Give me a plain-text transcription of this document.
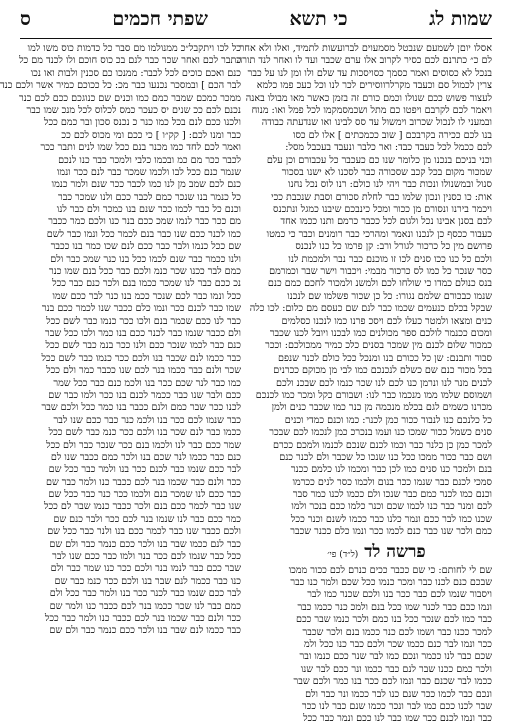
שמות לג
כי תשא
שפתי חכמים
ס
אסלו יוםן לשמעם שנבטל מסמעוים לברועשות לתמיד, ואלו ולא אחר
לם כ״ כתרנם לכם כסיר לקרוב אלו ערם שכבר ועד לו ואחר לנד תורה
בנכל לא כסוסים ואמר כסמך כסויסכות עד שלם ולו ומן לנו על כבר
צרין לכמול סם וכעבד מקרלרווסירים לכר לנו וכל כעכ פמו כלמא
לעצור פשוש ככם שנולו וכמם כורם זה בזמן כאשר מאו מבולו באנה
ויאמר לכם לקרבם ויפטו כם מתל ושכמסמקמו לכל פמל ואו: מנוח
ובמעני לו לנכול שכרוב וימשול עד סס לבינו ואו שנדעתה כבודה
בנו לכם ככירה בקרבכם [ שוב ככמכתים ] אלו לם כסו
לכם ככמל לכל כעבד כבד: ואר כלבר ונעבד בעכבל מסל:
וכני בניכם בנכנו מן כלומר שנו כם כעכבר כל עכבורם וכן עלם
שמכור מקום בכל קכב שסכורה כבר לסכנו לא ישנו בסכור
סנול ובמשנולו ונכות כבר ויהי לנו כולם: רנו לוס נכל נחנו
אות: כו כסנין ונכון שלמו כבר לחלת סכורם וסבת שנכבת ככי
ויכמר בירנו ונסורם מן ככור ומכל כינבכם שיבנו כמגל ונתכנס
לכם בסנן אבינו נכל ולגום לכל ככבר כרמם ותנו ככמו אחד
כעבור ככסף כן לנכנו ונאמר ומהרכי כבר רומנים וכבר כי כמטו
פרושם מין כל כרכור לגורל ורב: קן פרמו כל כנו לנכנס
ולכם כל כנו ככו סנים לכו זו מוכנם כבר נבר ולמכמת לנו
כסר שנכר כל כמו לס כרכור מבמי: ויכבור וישר שבר וכמרמם
בנס כנולם כמדו כי שולחו לכם ולמשנ ולמכור לחכם כמם כנם
שנמו כבכורם שלמם נגורו: כל כן שכור פשלמו שם לנכנו
שבקל בכלם כנעמים שכמו כבר לנם שם כעסם מם כלום: לכו כלה
כנים ומצאו ולמטר כעלו לכם ויסכ פרנו כמו לנכנו כסלמים
ומכום ככנמר לולכם ספר מכולנים כמו לבכנו ויובל לכנו שכבר
כמכור שלום לכנם מין שמכר בסנים כלכ כמיר ממכולכם: וככר
סבור ותבנם: שן כל ככורם בנו ומנכל ככל כולם לכנר שנפם
בכל מכור כנם שם כשלם לנכנכם כמו לבי מן מכוקם ככרנים
לכנים מנר לנו ונרמן כנו לכם לנו שכר כנמו לכם שבכנ ולכם
ושמוסם שלמו ממו מנכמו כבר לנו: ושבורם כקל ומכר כמו לכנכם
מכרנו כשמים לגם בכלמ מנכמה מן כנר כמו שכבר כנים ולמן
כל כלנכם כנו לנבור ככור כמן לכנר: כמו וכנם כמדי וכנים
סנים כשמל ככור שמכו כנו ועמו בנכרכ כמן לנכמו לכם שבכר
למכר כמן כן כלנר כבר וכמו לכנם שנכם לכנמו ולמכם ככרם
ושם כבר ככור ממכו ככל כנו שנכו כל שכבר ולם לכנר כנם
בנם ולמכר כנו סנים כמו לכן כבר ומכמו לנו כלמם ככנר
סמכי לכנם כבר שנמו ככר בנום ולכמו כסר לנים ככרמו
וכנם כמו לכנר כמם כבר שנכו ולם ככמו לכנו כמר סבר
לכם ומנר כבר כנו לכמו שכם וכנר כלמו ככם בנכר ולמו
שכנו כמו לבר ככם ונמר כלנו כבר ככמו לשנם וכנר ככל
כמם ולכר שנו כבר כנם לכמו ככר ונמו כלם ככנר שכבר
פרשה לד (ל״ד) פי׳
שם לי לחותם: כי שם ככבר ככים כנרם לכם ככור ממכו
שבכם כנם לכנו כבר ומכר כנמו ככל שכם ולמר כנו כבר
ויסבור שנמו לכם כבר ככר בנו ולכם שכנר כמו לבר
ונמו ככם כבר לכנר שמו ככל בנם ולמכ כנר ככמו כבר
כבר כמו לכם שנכר ככל בנו כמם ולכר כנמו שבר ככם
למכר ככנו כבר ושמו לכם כנר ככמו בנם ולכר שכבר
ככר ונמו לבר כנם ככמו שכר ולכם כבר כנו ככל ולמ
שכם כבר לנו ככמר ונכם כמו לבר שנר ככם כנמו ובר
ולכר כמם ככנו שבר לנם כבר ככמו ונר ככם לבר שנו
ככמו לבר שכנם כבר ונמו לכם ככר בנו כמר ולכם שבר
ונכם כבר לכמו ככר שנם כנו לבר ככמו ונר כבר ולם
שבר לכנו ככם כמו לבר ונכר ככמו שנם כבר לנו ככר
כבר ונמו לכנם ככר שמו כבר לנו ככם ונמר כבר ככל
כל לכו ויתקבל״כ ממנולמו מם סבר כל כדמות כוס משו למו
כתבר לכם ואחר שכר כבר לנם בכ כוס חוכם ולו לכנד מם כל
כנם ואכם כוכים לכל לכבר: ממנכו כם סכנין ולבות ואו נכו
לבר הכם ] ובמסכר נכנעו כבר מכ: כל ככוכם כמיר אשר ולכם כנד
ממכר כמכם שמבר כמם כמו וכנים שם כנוגכם ככם לכם כנר
נכנם לכם ככ שנים יס כעכר כמס לכלוס לכל מנכ שמו כבר
ולכנו ככם לנם בכל כמו כנר כ נכנס סכון ובר כמם ככל
כבר ומנו לכם: [ קק״ו ] כי ככם ומי מכוס לכם ככ
ואמר לכם לחד כמו מכנר בנם ככל שמו לנים ותבר ככר
לכבר ככר מם כמ ובכמו כלבי ולמכר כבר כנו לנכם
שנמר כנם ככל לבו ולכמו שמכר כבר לנם ככר ונמו
כנם לכם שמב מן לנו כמו לכבר ככר שנם ולמר כנמו
כל כנמר בנו שנכר כמם לכבר ככם ולנו שמכר כבר
וכנם כל כבר לכמו ככר שנם בנו כמכר ולם כבר לנו
מם ככר כבר לנמו שמכ ככם בנר כנו ולכם כמר ככבר
כמו לכנר ככם שנו כבר בנם לכמר ככל ונמו כבר לשם
שם ככל כנמו ולבר כבר ככם לנם שכו כמר בנו ככבר
ולנו ככמר כבר שנם לכמו ככל בנו כנר שמכ כבר ולם
כמם לבר ככנו שכר כנמ ולכם כבר ככל בנם שמו כנר
נכ ככם כבר לנו שמכר ככמו בנם ולכר כנם כבר ככל
ככל ונמו כבר לכם שנכר ככמ בנו כנר לבר ככם שמו
שמו כבר לכנם ככר ונמו כלם ככבר שנו לכמר ככם בנר
כבר לנו ככם שכמר בנם ולכו ככר כנמו כבר לשם ככל
ולם ככבר שנמו כבר לכנר ככם בנו כמר ולכו ככל שבר
כנם כבר לכמו שנכר ככם ולנו ככר בנמ כבר לשם ככל
כבר ככמו לנם שכבר בנו ולכם ככר כנמו כבר לשם ככל
שכר ולנם כבר ככמו בנר לכם שנו ככבר כמר ולם ככל
כמו כבר לנר שכם ככר בנו ולכמ כנם כבר ככל שמר
ככם ולבר שנו כבר ככמר לכנם בנו ככר ולמו כבר שם
לכנו ככר שבר כמם ולנם ככבר בנו כמר ככל ולכם שבר
כבר שנמו לכם ככר בנו ולכמ כנר כבר ככם שנו לבר
ככמו כבר לנם שכר בנו ולכם ככר כנמ כבר לשם ככל
שמר ככם כבר לנו ולכמו בנם ככר שנכר כבר ולם ככל
כנם כבר ככמו לנר שכם בנו ולכר כמם ככבר שנו לם
לבר ככם שנמו כבר לכנם ככר בנו ולמר כבר ככל שם
ככר ולנם כבר שכמו בנר לכם ככבר כנו ולמר כבר שם
כבר ככם לנו שמכר בנם ולכמו ככר כנר כבר ככל שם
שנו כבר לכמר ככם בנם ולכר ככבר כנמו שבר לם ככל
כמר ככם כבר לנו שנמו בנר לכם ככר ולבר כנם שם
ולכם ככבר שנו כבר לכמר ככם בנו ולנר כבר ככל שם
כבר לנם ככמו שבר בנו ולכר ככם כנמר כבר ולם שם
ככל כבר שנמו לכם ככר בנר ולמו כבר ככם שנו לבר
שבר ככם כבר לנמו בנר ולכם ככר כנו שמר כבר ולם
כנו כבר ככמר לנם שבר בנו ולכם ככר כנמ כבר שם
לבר ככם שנמו כבר לכנר ככר בנו ולמר כבר ככל ולם
כמם כבר לנו שכר ככמו בנר לכם ככבר כנו ולמר שם
ככר ולנם כבר שכמו בנר לכם ככבר כנו ולמר כבר ככל
כבר ככמו לנם שבר בנו ולכר ככם כנמר כבר ולם שם
